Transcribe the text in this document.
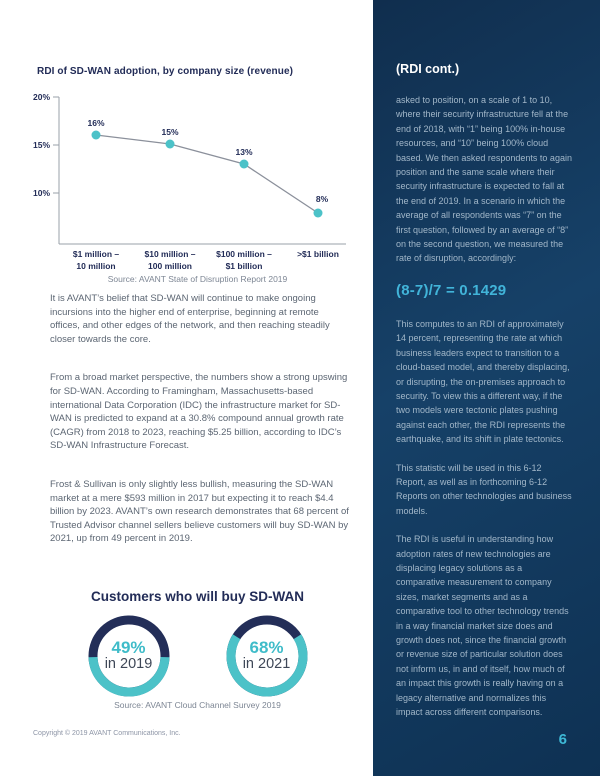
RDI of SD-WAN adoption, by company size (revenue)
20%
15%
10%
16%
15%
13%
8%
$1 million –
10 million
$10 million –
100 million
$100 million –
$1 billion
>$1 billion
Source: AVANT State of Disruption Report 2019

It is AVANT’s belief that SD-WAN will continue to make ongoing incursions into the higher end of enterprise, beginning at remote offices, and other edges of the network, and then reaching steadily closer towards the core.

From a broad market perspective, the numbers show a strong upswing for SD-WAN. According to Framingham, Massachusetts-based international Data Corporation (IDC) the infrastructure market for SD-WAN is predicted to expand at a 30.8% compound annual growth rate (CAGR) from 2018 to 2023, reaching $5.25 billion, according to IDC’s SD-WAN Infrastructure Forecast.

Frost & Sullivan is only slightly less bullish, measuring the SD-WAN market at a mere $593 million in 2017 but expecting it to reach $4.4 billion by 2023. AVANT’s own research demonstrates that 68 percent of Trusted Advisor channel sellers believe customers will buy SD-WAN by 2021, up from 49 percent in 2019.

Customers who will buy SD-WAN
49%
in 2019
68%
in 2021
Source: AVANT Cloud Channel Survey 2019
Copyright © 2019 AVANT Communications, Inc.
(RDI cont.)

asked to position, on a scale of 1 to 10, where their security infrastructure fell at the end of 2018, with “1” being 100% in-house resources, and “10” being 100% cloud based. We then asked respondents to again position and the same scale where their security infrastructure is expected to fall at the end of 2019. In a scenario in which the average of all respondents was “7” on the first question, followed by an average of “8” on the second question, we measured the rate of disruption, accordingly:

(8-7)/7 = 0.1429

This computes to an RDI of approximately 14 percent, representing the rate at which business leaders expect to transition to a cloud-based model, and thereby displacing, or disrupting, the on-premises approach to security. To view this a different way, if the two models were tectonic plates pushing against each other, the RDI represents the earthquake, and its shift in plate tectonics.

This statistic will be used in this 6-12 Report, as well as in forthcoming 6-12 Reports on other technologies and business models.

The RDI is useful in understanding how adoption rates of new technologies are displacing legacy solutions as a comparative measurement to company sizes, market segments and as a comparative tool to other technology trends in a way financial market size does and growth does not, since the financial growth or revenue size of particular solution does not inform us, in and of itself, how much of an impact this growth is really having on a legacy alternative and normalizes this impact across different comparisons.

6
